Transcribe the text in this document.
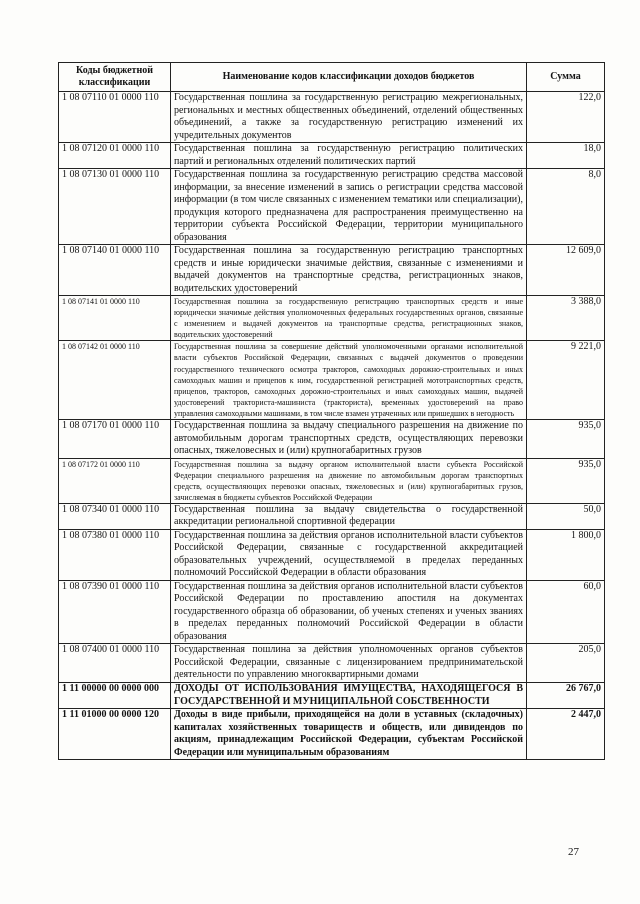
Коды бюджетной классификации	Наименование кодов классификации доходов бюджетов	Сумма
1 08 07110 01 0000 110	Государственная пошлина за государственную регистрацию межрегиональных, региональных и местных общественных объединений, отделений общественных объединений, а также за государственную регистрацию изменений их учредительных документов	122,0
1 08 07120 01 0000 110	Государственная пошлина за государственную регистрацию политических партий и региональных отделений политических партий	18,0
1 08 07130 01 0000 110	Государственная пошлина за государственную регистрацию средства массовой информации, за внесение изменений в запись о регистрации средства массовой информации (в том числе связанных с изменением тематики или специализации), продукция которого предназначена для распространения преимущественно на территории субъекта Российской Федерации, территории муниципального образования	8,0
1 08 07140 01 0000 110	Государственная пошлина за государственную регистрацию транспортных средств и иные юридически значимые действия, связанные с изменениями и выдачей документов на транспортные средства, регистрационных знаков, водительских удостоверений	12 609,0
1 08 07141 01 0000 110	Государственная пошлина за государственную регистрацию транспортных средств и иные юридически значимые действия уполномоченных федеральных государственных органов, связанные с изменением и выдачей документов на транспортные средства, регистрационных знаков, водительских удостоверений	3 388,0
1 08 07142 01 0000 110	Государственная пошлина за совершение действий уполномоченными органами исполнительной власти субъектов Российской Федерации, связанных с выдачей документов о проведении государственного технического осмотра тракторов, самоходных дорожно-строительных и иных самоходных машин и прицепов к ним, государственной регистрацией мототранспортных средств, прицепов, тракторов, самоходных дорожно-строительных и иных самоходных машин, выдачей удостоверений тракториста-машиниста (тракториста), временных удостоверений на право управления самоходными машинами, в том числе взамен утраченных или пришедших в негодность	9 221,0
1 08 07170 01 0000 110	Государственная пошлина за выдачу специального разрешения на движение по автомобильным дорогам транспортных средств, осуществляющих перевозки опасных, тяжеловесных и (или) крупногабаритных грузов	935,0
1 08 07172 01 0000 110	Государственная пошлина за выдачу органом исполнительной власти субъекта Российской Федерации специального разрешения на движение по автомобильным дорогам транспортных средств, осуществляющих перевозки опасных, тяжеловесных и (или) крупногабаритных грузов, зачисляемая в бюджеты субъектов Российской Федерации	935,0
1 08 07340 01 0000 110	Государственная пошлина за выдачу свидетельства о государственной аккредитации региональной спортивной федерации	50,0
1 08 07380 01 0000 110	Государственная пошлина за действия органов исполнительной власти субъектов Российской Федерации, связанные с государственной аккредитацией образовательных учреждений, осуществляемой в пределах переданных полномочий Российской Федерации в области образования	1 800,0
1 08 07390 01 0000 110	Государственная пошлина за действия органов исполнительной власти субъектов Российской Федерации по проставлению апостиля на документах государственного образца об образовании, об ученых степенях и ученых званиях в пределах переданных полномочий Российской Федерации в области образования	60,0
1 08 07400 01 0000 110	Государственная пошлина за действия уполномоченных органов субъектов Российской Федерации, связанные с лицензированием предпринимательской деятельности по управлению многоквартирными домами	205,0
1 11 00000 00 0000 000	ДОХОДЫ ОТ ИСПОЛЬЗОВАНИЯ ИМУЩЕСТВА, НАХОДЯЩЕГОСЯ В ГОСУДАРСТВЕННОЙ И МУНИЦИПАЛЬНОЙ СОБСТВЕННОСТИ	26 767,0
1 11 01000 00 0000 120	Доходы в виде прибыли, приходящейся на доли в уставных (складочных) капиталах хозяйственных товариществ и обществ, или дивидендов по акциям, принадлежащим Российской Федерации, субъектам Российской Федерации или муниципальным образованиям	2 447,0
27
